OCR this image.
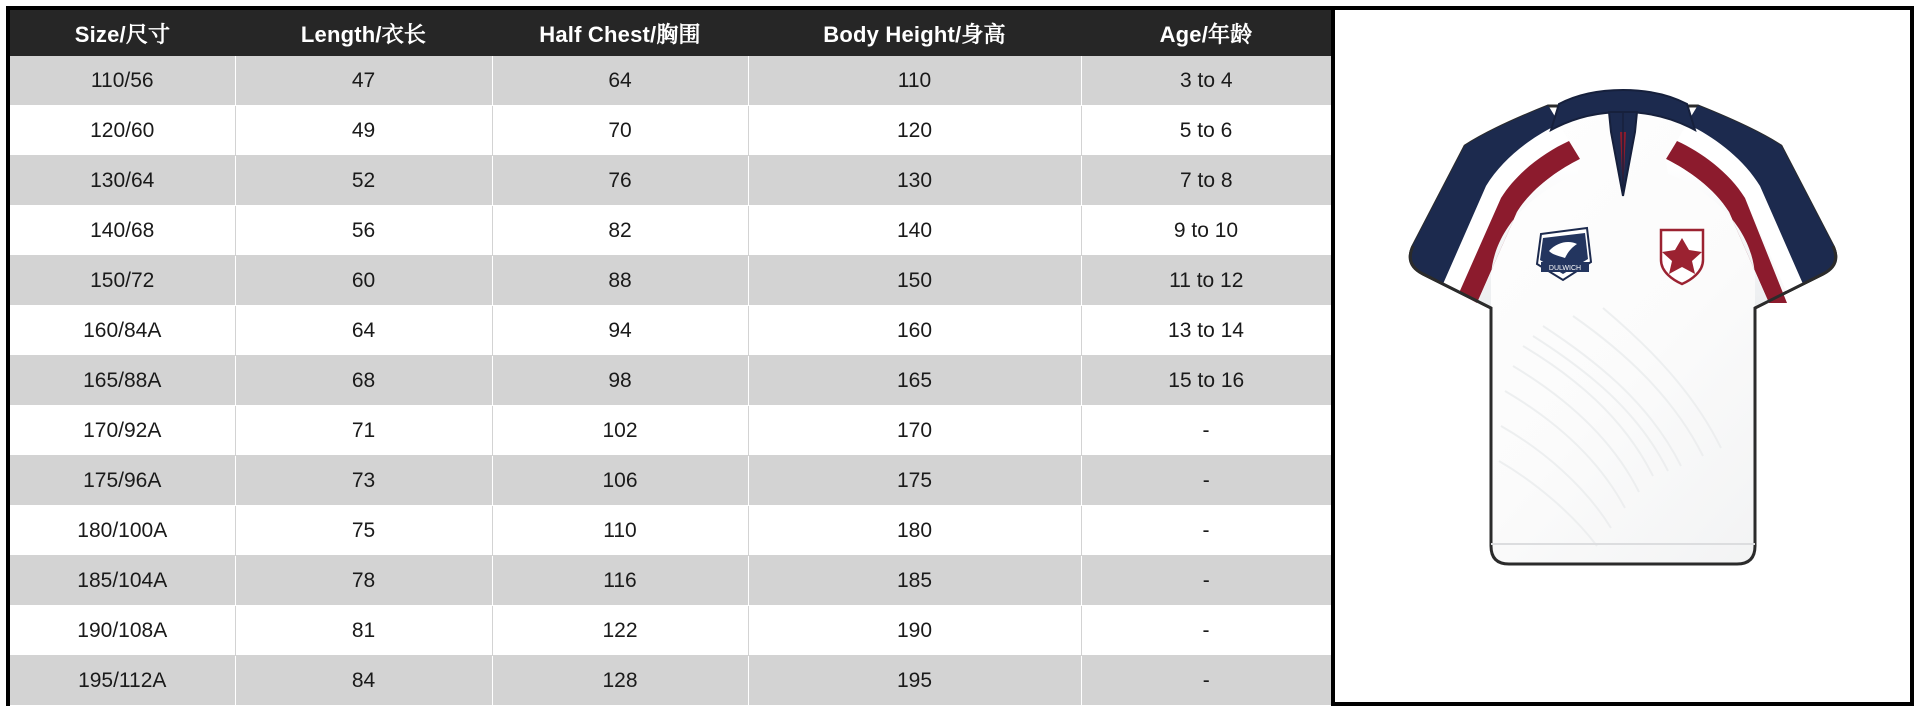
Size/尺寸	Length/衣长	Half Chest/胸围	Body Height/身高	Age/年龄
110/56	47	64	110	3 to 4
120/60	49	70	120	5 to 6
130/64	52	76	130	7 to 8
140/68	56	82	140	9 to 10
150/72	60	88	150	11 to 12
160/84A	64	94	160	13 to 14
165/88A	68	98	165	15 to 16
170/92A	71	102	170	-
175/96A	73	106	175	-
180/100A	75	110	180	-
185/104A	78	116	185	-
190/108A	81	122	190	-
195/112A	84	128	195	-
DULWICH
